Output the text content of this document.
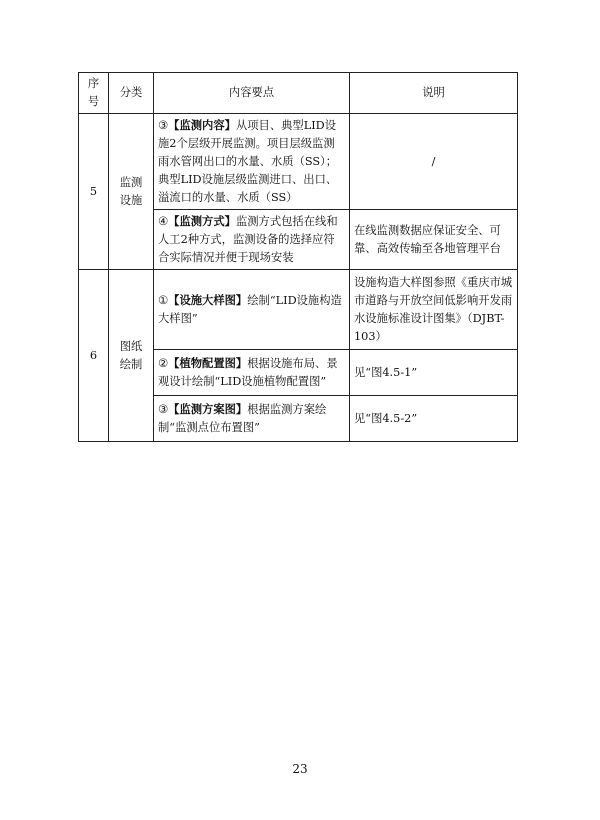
序号	分类	内容要点	说明
5	监测设施	③【监测内容】从项目、典型LID设施2个层级开展监测。项目层级监测雨水管网出口的水量、水质（SS）；典型LID设施层级监测进口、出口、溢流口的水量、水质（SS）	/
		④【监测方式】监测方式包括在线和人工2种方式，监测设备的选择应符合实际情况并便于现场安装	在线监测数据应保证安全、可靠、高效传输至各地管理平台
6	图纸绘制	①【设施大样图】绘制“LID设施构造大样图”	设施构造大样图参照《重庆市城市道路与开放空间低影响开发雨水设施标准设计图集》（DJBT-103）
		②【植物配置图】根据设施布局、景观设计绘制“LID设施植物配置图”	见“图4.5-1”
		③【监测方案图】根据监测方案绘制“监测点位布置图”	见“图4.5-2”
23
